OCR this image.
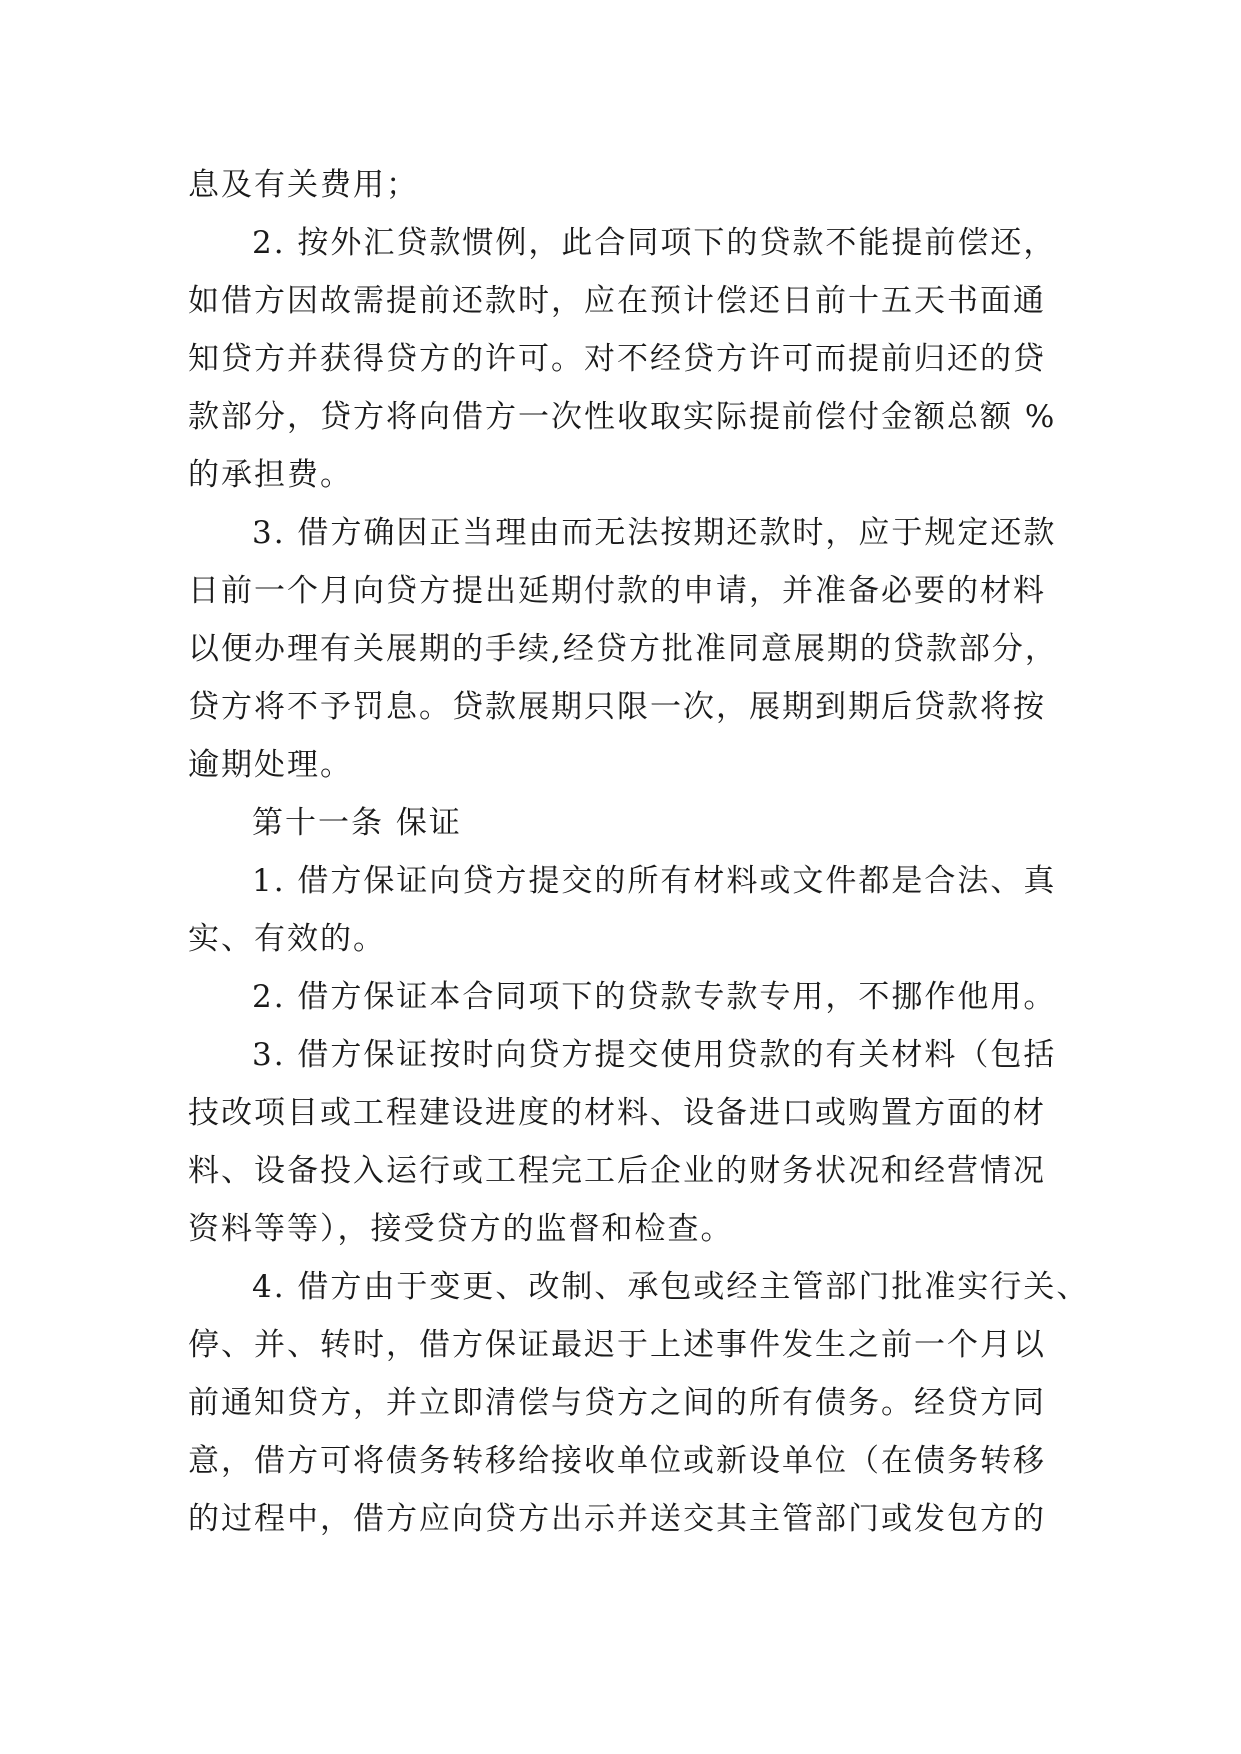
息及有关费用；
2. 按外汇贷款惯例，此合同项下的贷款不能提前偿还，
如借方因故需提前还款时，应在预计偿还日前十五天书面通
知贷方并获得贷方的许可。对不经贷方许可而提前归还的贷
款部分，贷方将向借方一次性收取实际提前偿付金额总额 %
的承担费。
3. 借方确因正当理由而无法按期还款时，应于规定还款
日前一个月向贷方提出延期付款的申请，并准备必要的材料
以便办理有关展期的手续,经贷方批准同意展期的贷款部分，
贷方将不予罚息。贷款展期只限一次，展期到期后贷款将按
逾期处理。
第十一条 保证
1. 借方保证向贷方提交的所有材料或文件都是合法、真
实、有效的。
2. 借方保证本合同项下的贷款专款专用，不挪作他用。
3. 借方保证按时向贷方提交使用贷款的有关材料（包括
技改项目或工程建设进度的材料、设备进口或购置方面的材
料、设备投入运行或工程完工后企业的财务状况和经营情况
资料等等），接受贷方的监督和检查。
4. 借方由于变更、改制、承包或经主管部门批准实行关、
停、并、转时，借方保证最迟于上述事件发生之前一个月以
前通知贷方，并立即清偿与贷方之间的所有债务。经贷方同
意，借方可将债务转移给接收单位或新设单位（在债务转移
的过程中，借方应向贷方出示并送交其主管部门或发包方的
